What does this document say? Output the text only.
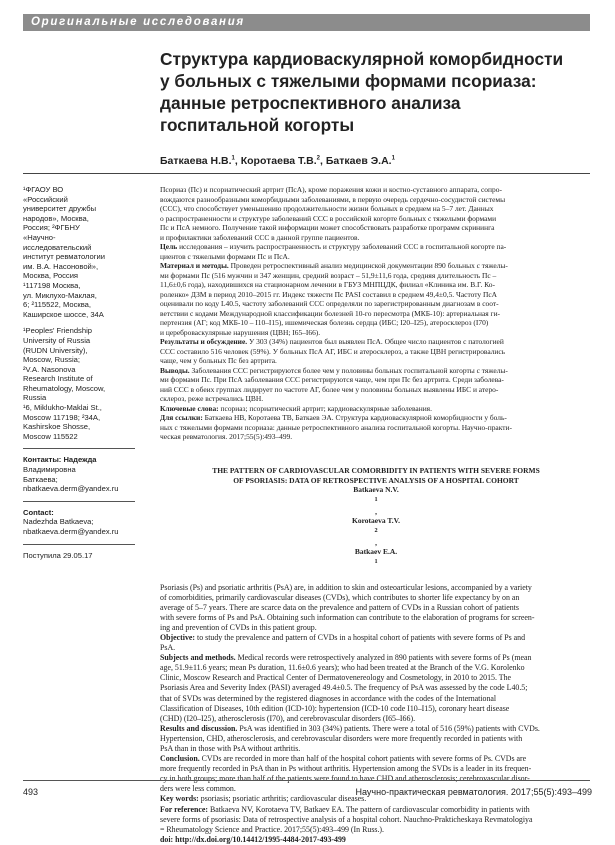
Оригинальные исследования
Структура кардиоваскулярной коморбидности
у больных с тяжелыми формами псориаза:
данные ретроспективного анализа
госпитальной когорты
Баткаева Н.В.$^1$, Коротаева Т.В.$^2$, Баткаев Э.А.$^1$
¹ФГАОУ ВО
«Российский
университет дружбы
народов», Москва,
Россия; ²ФГБНУ
«Научно-
исследовательский
институт ревматологии
им. В.А. Насоновой»,
Москва, Россия
¹117198 Москва,
ул. Миклухо-Маклая,
6; ²115522, Москва,
Каширское шоссе, 34А
¹Peoples' Friendship
University of Russia
(RUDN University),
Moscow, Russia;
²V.A. Nasonova
Research Institute of
Rheumatology, Moscow,
Russia
¹6, Miklukho-Maklai St.,
Moscow 117198; ²34A,
Kashirskoe Shosse,
Moscow 115522
Контакты: Надежда
Владимировна
Баткаева;
nbatkaeva.derm@yandex.ru
Contact:
Nadezhda Batkaeva;
nbatkaeva.derm@yandex.ru
Поступила 29.05.17
Псориаз (Пс) и псориатический артрит (ПсА), кроме поражения кожи и костно-суставного аппарата, сопро-
вождаются разнообразными коморбидными заболеваниями, в первую очередь сердечно-сосудистой системы
(ССС), что способствует уменьшению продолжительности жизни больных в среднем на 5–7 лет. Данных
о распространенности и структуре заболеваний ССС в российской когорте больных с тяжелыми формами
Пс и ПсА немного. Получение такой информации может способствовать разработке программ скрининга
и профилактики заболеваний ССС в данной группе пациентов.
Цель исследования – изучить распространенность и структуру заболеваний ССС в госпитальной когорте па-
циентов с тяжелыми формами Пс и ПсА.
Материал и методы. Проведен ретроспективный анализ медицинской документации 890 больных с тяжелы-
ми формами Пс (516 мужчин и 347 женщин, средний возраст – 51,9±11,6 года, средняя длительность Пс –
11,6±0,6 года), находившихся на стационарном лечении в ГБУЗ МНПЦДК, филиал «Клиника им. В.Г. Ко-
роленко» ДЗМ в период 2010–2015 гг. Индекс тяжести Пс PASI составил в среднем 49,4±0,5. Частоту ПсА
оценивали по коду L40.5, частоту заболеваний ССС определяли по зарегистрированным диагнозам в соот-
ветствии с кодами Международной классификации болезней 10-го пересмотра (МКБ-10): артериальная ги-
пертензия (АГ; код МКБ-10 – I10–I15), ишемическая болезнь сердца (ИБС; I20–I25), атеросклероз (I70)
и цереброваскулярные нарушения (ЦВН; I65–I66).
Результаты и обсуждение. У 303 (34%) пациентов был выявлен ПсА. Общее число пациентов с патологией
ССС составило 516 человек (59%). У больных ПсА АГ, ИБС и атеросклероз, а также ЦВН регистрировались
чаще, чем у больных Пс без артрита.
Выводы. Заболевания ССС регистрируются более чем у половины больных госпитальной когорты с тяжелы-
ми формами Пс. При ПсА заболевания ССС регистрируются чаще, чем при Пс без артрита. Среди заболева-
ний ССС в обеих группах лидирует по частоте АГ, более чем у половины больных выявлены ИБС и атеро-
склероз, реже встречались ЦВН.
Ключевые слова: псориаз; псориатический артрит; кардиоваскулярные заболевания.
Для ссылки: Баткаева НВ, Коротаева ТВ, Баткаев ЭА. Структура кардиоваскулярной коморбидности у боль-
ных с тяжелыми формами псориаза: данные ретроспективного анализа госпитальной когорты. Научно-практи-
ческая ревматология. 2017;55(5):493–499.
THE PATTERN OF CARDIOVASCULAR COMORBIDITY IN PATIENTS WITH SEVERE FORMS
OF PSORIASIS: DATA OF RETROSPECTIVE ANALYSIS OF A HOSPITAL COHORT
Batkaeva N.V.
$^1$
,
Korotaeva T.V.
$^2$
,
Batkaev E.A.
$^1$
Psoriasis (Ps) and psoriatic arthritis (PsA) are, in addition to skin and osteoarticular lesions, accompanied by a variety
of comorbidities, primarily cardiovascular diseases (CVDs), which contributes to shorter life expectancy by on an
average of 5–7 years. There are scarce data on the prevalence and pattern of CVDs in a Russian cohort of patients
with severe forms of Ps and PsA. Obtaining such information can contribute to the elaboration of programs for screen-
ing and prevention of CVDs in this patient group.
Objective: to study the prevalence and pattern of CVDs in a hospital cohort of patients with severe forms of Ps and
PsA.
Subjects and methods. Medical records were retrospectively analyzed in 890 patients with severe forms of Ps (mean
age, 51.9±11.6 years; mean Ps duration, 11.6±0.6 years); who had been treated at the Branch of the V.G. Korolenko
Clinic, Moscow Research and Practical Center of Dermatovenereology and Cosmetology, in 2010 to 2015. The
Psoriasis Area and Severity Index (PASI) averaged 49.4±0.5. The frequency of PsA was assessed by the code L40.5;
that of SVDs was determined by the registered diagnoses in accordance with the codes of the International
Classification of Diseases, 10th edition (ICD-10): hypertension (ICD-10 code I10–I15), coronary heart disease
(CHD) (I20–I25), atherosclerosis (I70), and cerebrovascular disorders (I65–I66).
Results and discussion. PsA was identified in 303 (34%) patients. There were a total of 516 (59%) patients with CVDs.
Hypertension, CHD, atherosclerosis, and cerebrovascular disorders were more frequently recorded in patients with
PsA than in those with PsA without arthritis.
Conclusion. CVDs are recorded in more than half of the hospital cohort patients with severe forms of Ps. CVDs are
more frequently recorded in PsA than in Ps without arthritis. Hypertension among the SVDs is a leader in its frequen-
cy in both groups; more than half of the patients were found to have CHD and atherosclerosis; cerebrovascular disor-
ders were less common.
Key words: psoriasis; psoriatic arthritis; cardiovascular diseases.
For reference: Batkaeva NV, Korotaeva TV, Batkaev EA. The pattern of cardiovascular comorbidity in patients with
severe forms of psoriasis: Data of retrospective analysis of a hospital cohort. Nauchno-Prakticheskaya Revmatologiya
= Rheumatology Science and Practice. 2017;55(5):493–499 (In Russ.).
doi: http://dx.doi.org/10.14412/1995-4484-2017-493-499
493	Научно-практическая ревматология. 2017;55(5):493–499
